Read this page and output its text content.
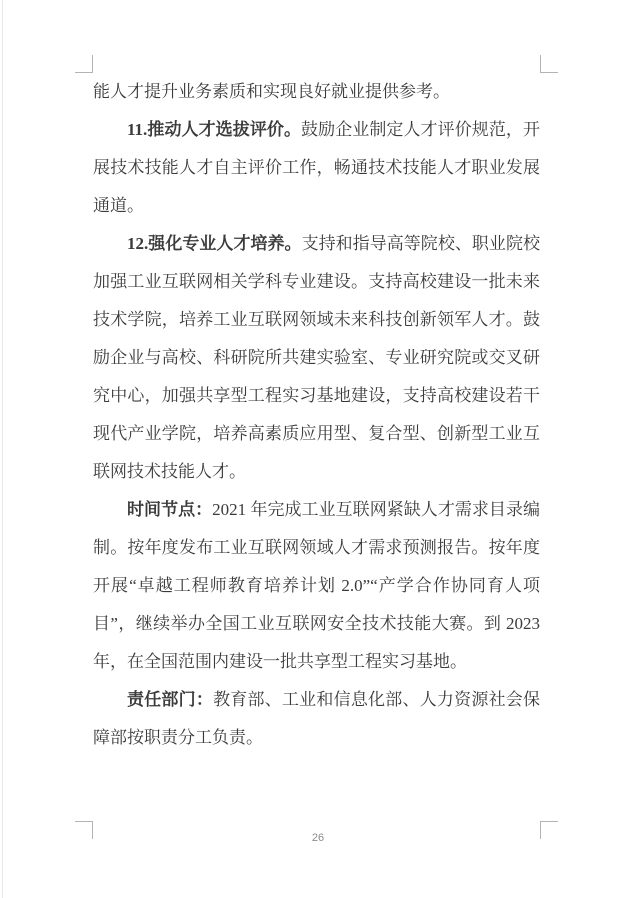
能人才提升业务素质和实现良好就业提供参考。

11.推动人才选拔评价。鼓励企业制定人才评价规范，开展技术技能人才自主评价工作，畅通技术技能人才职业发展通道。

12.强化专业人才培养。支持和指导高等院校、职业院校加强工业互联网相关学科专业建设。支持高校建设一批未来技术学院，培养工业互联网领域未来科技创新领军人才。鼓励企业与高校、科研院所共建实验室、专业研究院或交叉研究中心，加强共享型工程实习基地建设，支持高校建设若干现代产业学院，培养高素质应用型、复合型、创新型工业互联网技术技能人才。

时间节点：2021 年完成工业互联网紧缺人才需求目录编制。按年度发布工业互联网领域人才需求预测报告。按年度开展“卓越工程师教育培养计划 2.0”“产学合作协同育人项目”，继续举办全国工业互联网安全技术技能大赛。到 2023 年，在全国范围内建设一批共享型工程实习基地。

责任部门：教育部、工业和信息化部、人力资源社会保障部按职责分工负责。

26
